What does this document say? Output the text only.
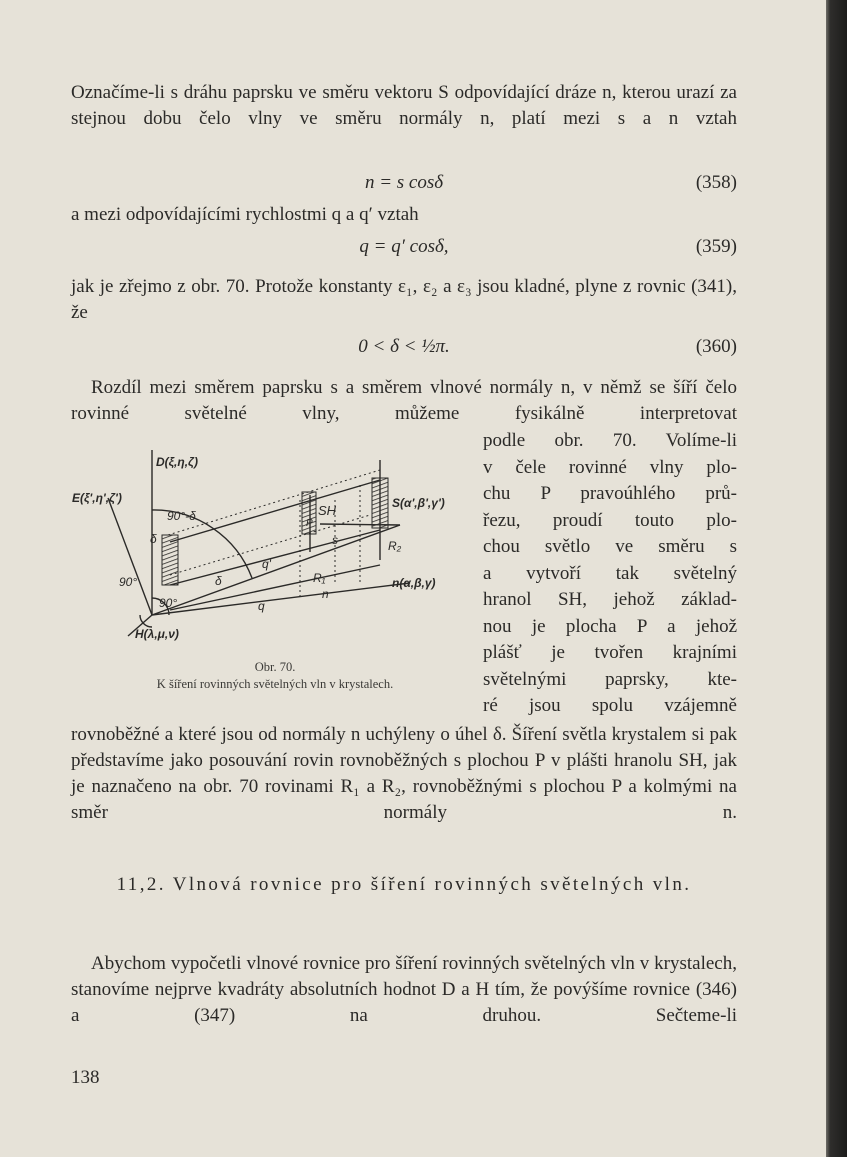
Označíme-li s dráhu paprsku ve směru vektoru S odpovídající dráze n, kterou urazí za stejnou dobu čelo vlny ve směru normály n, platí mezi s a n vztah
n = s cosδ	(358)
a mezi odpovídajícími rychlostmi q a q′ vztah
q = q′ cosδ,	(359)
jak je zřejmo z obr. 70. Protože konstanty ε₁, ε₂ a ε₃ jsou kladné, plyne z rovnic (341), že
0 < δ < ½π.	(360)
Rozdíl mezi směrem paprsku s a směrem vlnové normály n, v němž se šíří čelo rovinné světelné vlny, můžeme fysikálně interpretovat
podle obr. 70. Volíme-li
v čele rovinné vlny plo-
chu P pravoúhlého prů-
řezu, proudí touto plo-
chou světlo ve směru s
a vytvoří tak světelný
hranol SH, jehož základ-
nou je plocha P a jehož
plášť je tvořen krajními
světelnými paprsky, kte-
ré jsou spolu vzájemně
D(ξ,η,ζ)
E(ξ',η',ζ')	S(α',β',γ')
n(α,β,γ)
H(λ,μ,ν)
SH
s
R₁
R₂
q'
q
n
δ
δ
90°-δ
90°
90°
P
Obr. 70.
K šíření rovinných světelných vln v krystalech.
rovnoběžné a které jsou od normály n uchýleny o úhel δ. Šíření světla krystalem si pak představíme jako posouvání rovin rovnoběžných s plochou P v plášti hranolu SH, jak je naznačeno na obr. 70 rovinami R₁ a R₂, rovnoběžnými s plochou P a kolmými na směr normály n.
11,2. Vlnová rovnice pro šíření rovinných světelných vln.
Abychom vypočetli vlnové rovnice pro šíření rovinných světelných vln v krystalech, stanovíme nejprve kvadráty absolutních hodnot D a H tím, že povýšíme rovnice (346) a (347) na druhou. Sečteme-li
138
